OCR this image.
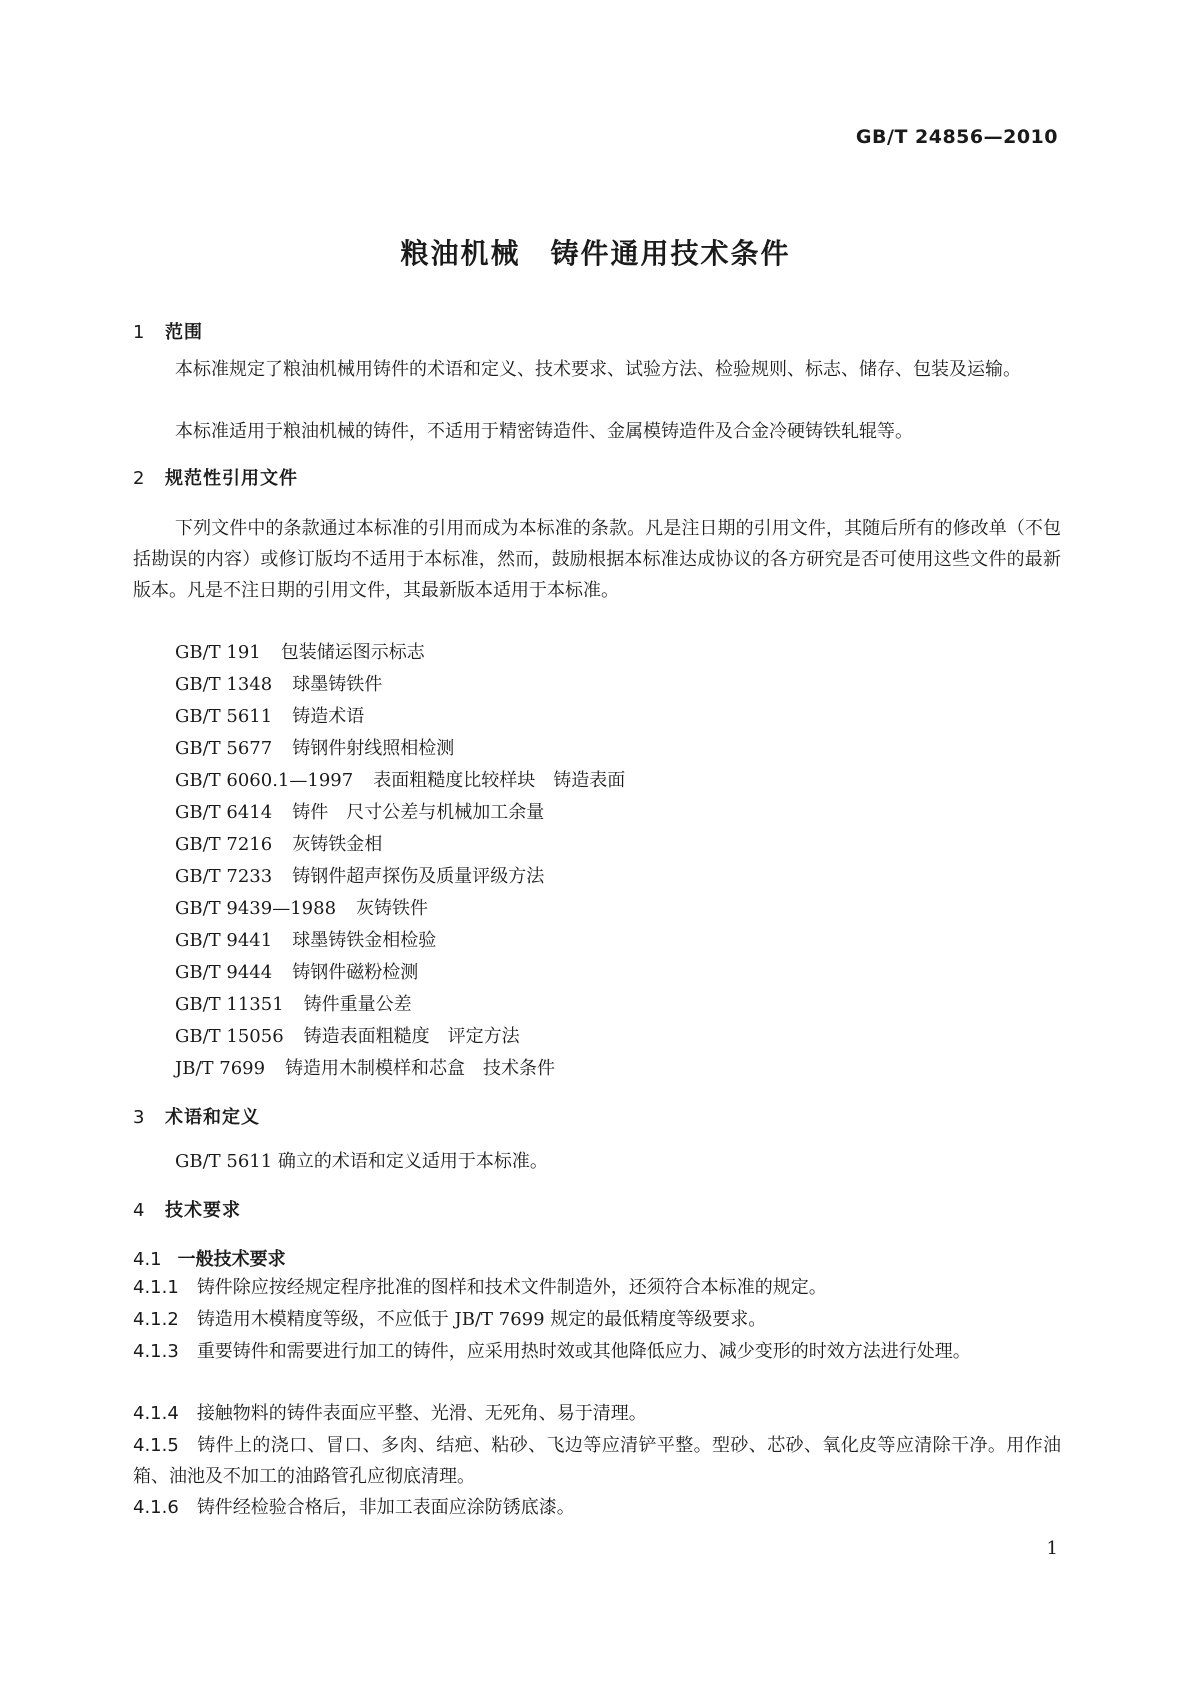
GB/T 24856—2010
粮油机械 铸件通用技术条件
1 范围

本标准规定了粮油机械用铸件的术语和定义、技术要求、试验方法、检验规则、标志、储存、包装及运输。

本标准适用于粮油机械的铸件，不适用于精密铸造件、金属模铸造件及合金冷硬铸铁轧辊等。

2 规范性引用文件

下列文件中的条款通过本标准的引用而成为本标准的条款。凡是注日期的引用文件，其随后所有的修改单（不包括勘误的内容）或修订版均不适用于本标准，然而，鼓励根据本标准达成协议的各方研究是否可使用这些文件的最新版本。凡是不注日期的引用文件，其最新版本适用于本标准。

GB/T 191 包装储运图示标志
GB/T 1348 球墨铸铁件
GB/T 5611 铸造术语
GB/T 5677 铸钢件射线照相检测
GB/T 6060.1—1997 表面粗糙度比较样块　铸造表面
GB/T 6414 铸件　尺寸公差与机械加工余量
GB/T 7216 灰铸铁金相
GB/T 7233 铸钢件超声探伤及质量评级方法
GB/T 9439—1988 灰铸铁件
GB/T 9441 球墨铸铁金相检验
GB/T 9444 铸钢件磁粉检测
GB/T 11351 铸件重量公差
GB/T 15056 铸造表面粗糙度　评定方法
JB/T 7699 铸造用木制模样和芯盒　技术条件
3 术语和定义

GB/T 5611 确立的术语和定义适用于本标准。

4 技术要求
4.1 一般技术要求

4.1.1 铸件除应按经规定程序批准的图样和技术文件制造外，还须符合本标准的规定。

4.1.2 铸造用木模精度等级，不应低于 JB/T 7699 规定的最低精度等级要求。

4.1.3 重要铸件和需要进行加工的铸件，应采用热时效或其他降低应力、减少变形的时效方法进行处理。

4.1.4 接触物料的铸件表面应平整、光滑、无死角、易于清理。

4.1.5 铸件上的浇口、冒口、多肉、结疤、粘砂、飞边等应清铲平整。型砂、芯砂、氧化皮等应清除干净。用作油箱、油池及不加工的油路管孔应彻底清理。

4.1.6 铸件经检验合格后，非加工表面应涂防锈底漆。

1
